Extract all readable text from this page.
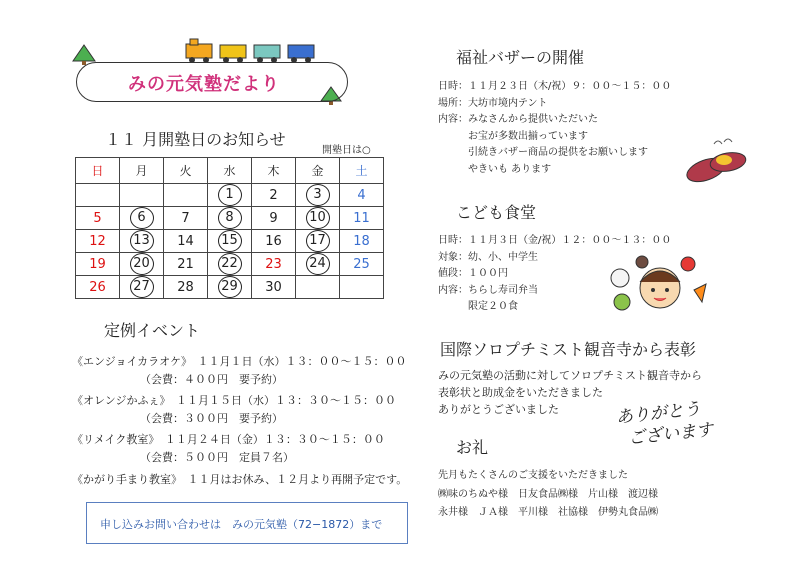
みの元気塾だより
１１ 月開塾日のお知らせ
開塾日は○
日	月	火	水	木	金	土
			1	2	3	4
5	6	7	8	9	10	11
12	13	14	15	16	17	18
19	20	21	22	23	24	25
26	27	28	29	30		
定例イベント
《エンジョイカラオケ》　１１月１日（水）１３：００～１５：００
（会費：４００円　要予約）
《オレンジかふぇ》　１１月１５日（水）１３：３０～１５：００
（会費：３００円　要予約）
《リメイク教室》　１１月２４日（金）１３：３０～１５：００
（会費：５００円　定員７名）
《かがり手まり教室》　１１月はお休み、１２月より再開予定です。
申し込みお問い合わせは　みの元気塾（72−1872）まで
福祉バザーの開催
日時：１１月２３日（木/祝）９：００～１５：００
場所：大坊市境内テント
内容：みなさんから提供いただいた
　　　お宝が多数出揃っています
　　　引続きバザー商品の提供をお願いします
　　　やきいも あります
こども食堂
日時：１１月３日（金/祝）１２：００～１３：００
対象：幼、小、中学生
値段：１００円
内容：ちらし寿司弁当
　　　限定２０食
国際ソロプチミスト観音寺から表彰
みの元気塾の活動に対してソロプチミスト観音寺から
表彰状と助成金をいただきました
ありがとうございました	ありがとう
ございます
お礼
先月もたくさんのご支援をいただきました
㈱味のちぬや様　日友食品㈱様　片山様　渡辺様
永井様　ＪＡ様　平川様　社協様　伊勢丸食品㈱
